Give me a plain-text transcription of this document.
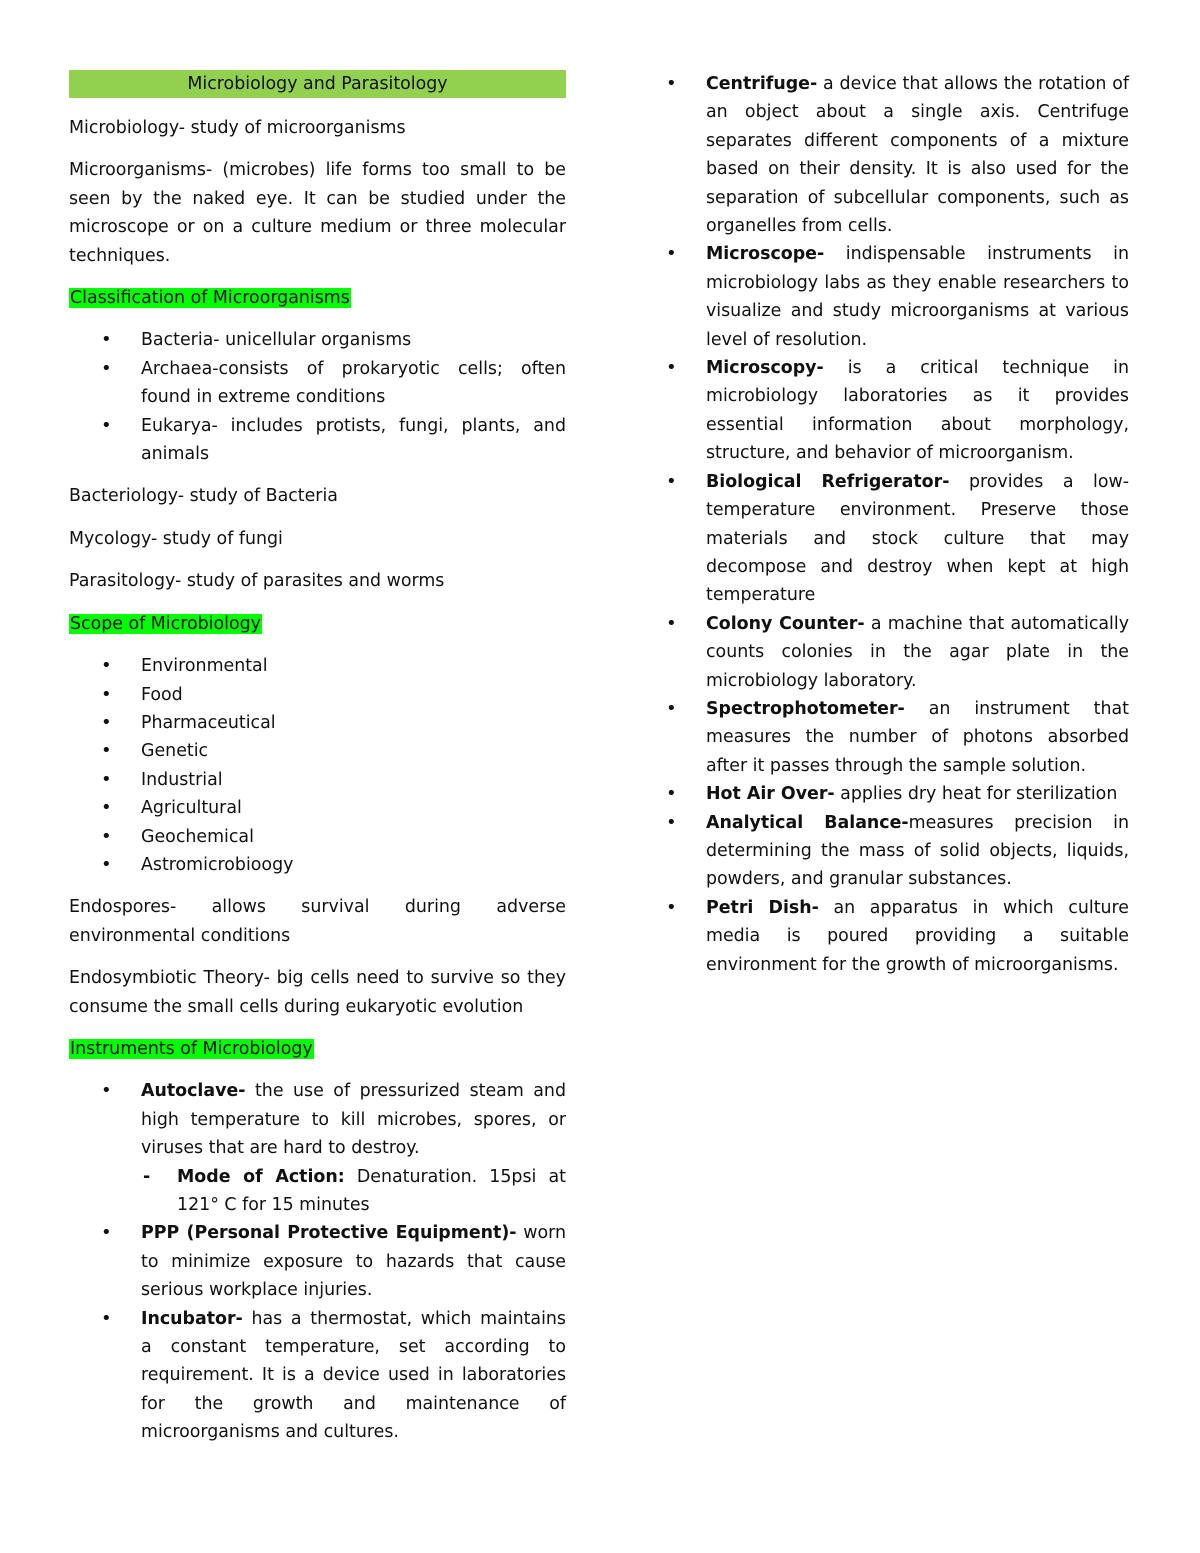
Microbiology and Parasitology

Microbiology- study of microorganisms

Microorganisms- (microbes) life forms too small to be seen by the naked eye. It can be studied under the microscope or on a culture medium or three molecular techniques.

Classification of Microorganisms

• Bacteria- unicellular organisms
• Archaea-consists of prokaryotic cells; often found in extreme conditions
• Eukarya- includes protists, fungi, plants, and animals

Bacteriology- study of Bacteria

Mycology- study of fungi

Parasitology- study of parasites and worms

Scope of Microbiology

• Environmental
• Food
• Pharmaceutical
• Genetic
• Industrial
• Agricultural
• Geochemical
• Astromicrobioogy

Endospores- allows survival during adverse environmental conditions

Endosymbiotic Theory- big cells need to survive so they consume the small cells during eukaryotic evolution

Instruments of Microbiology

• Autoclave- the use of pressurized steam and high temperature to kill microbes, spores, or viruses that are hard to destroy.
- Mode of Action: Denaturation. 15psi at 121° C for 15 minutes
• PPP (Personal Protective Equipment)- worn to minimize exposure to hazards that cause serious workplace injuries.
• Incubator- has a thermostat, which maintains a constant temperature, set according to requirement. It is a device used in laboratories for the growth and maintenance of microorganisms and cultures.
• Centrifuge- a device that allows the rotation of an object about a single axis. Centrifuge separates different components of a mixture based on their density. It is also used for the separation of subcellular components, such as organelles from cells.
• Microscope- indispensable instruments in microbiology labs as they enable researchers to visualize and study microorganisms at various level of resolution.
• Microscopy- is a critical technique in microbiology laboratories as it provides essential information about morphology, structure, and behavior of microorganism.
• Biological Refrigerator- provides a low-temperature environment. Preserve those materials and stock culture that may decompose and destroy when kept at high temperature
• Colony Counter- a machine that automatically counts colonies in the agar plate in the microbiology laboratory.
• Spectrophotometer- an instrument that measures the number of photons absorbed after it passes through the sample solution.
• Hot Air Over- applies dry heat for sterilization
• Analytical Balance-measures precision in determining the mass of solid objects, liquids, powders, and granular substances.
• Petri Dish- an apparatus in which culture media is poured providing a suitable environment for the growth of microorganisms.
